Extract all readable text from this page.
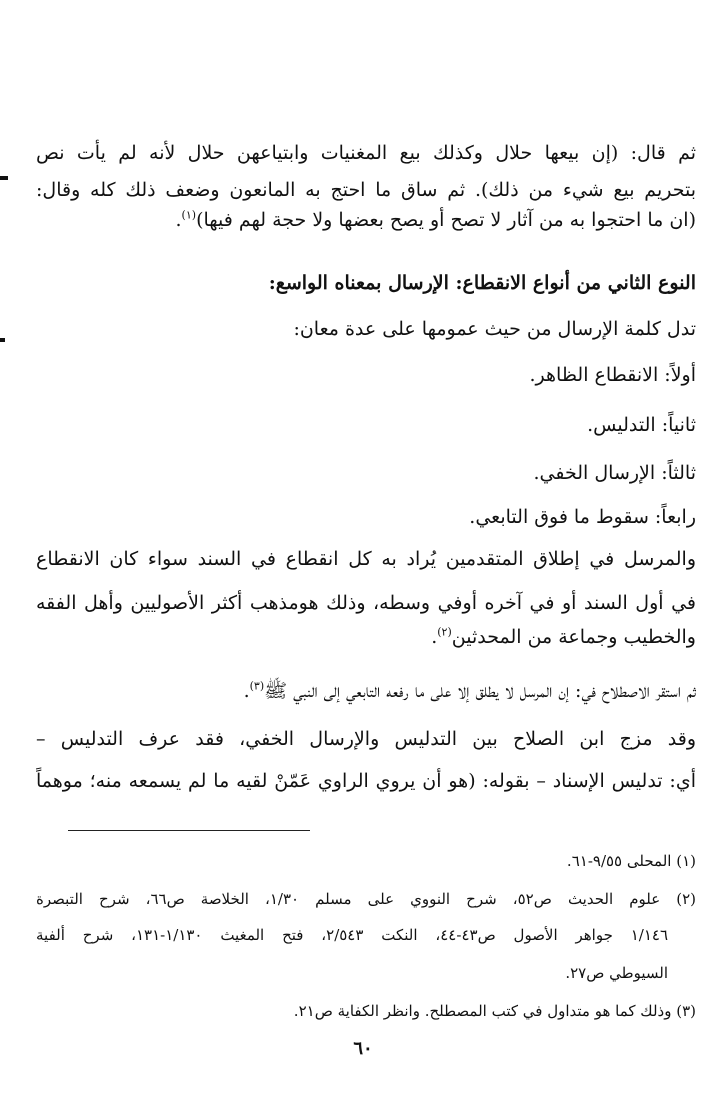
ثم قال: (إن بيعها حلال وكذلك بيع المغنيات وابتياعهن حلال لأنه لم يأت نص
بتحريم بيع شيء من ذلك). ثم ساق ما احتج به المانعون وضعف ذلك كله وقال:
(ان ما احتجوا به من آثار لا تصح أو يصح بعضها ولا حجة لهم فيها)$^{(١)}$.
النوع الثاني من أنواع الانقطاع: الإرسال بمعناه الواسع:
تدل كلمة الإرسال من حيث عمومها على عدة معان:
أولاً: الانقطاع الظاهر.
ثانياً: التدليس.
ثالثاً: الإرسال الخفي.
رابعاً: سقوط ما فوق التابعي.
والمرسل في إطلاق المتقدمين يُراد به كل انقطاع في السند سواء كان الانقطاع
في أول السند أو في آخره أوفي وسطه، وذلك هومذهب أكثر الأصوليين وأهل الفقه
والخطيب وجماعة من المحدثين$^{(٢)}$.
ثم استقر الاصطلاح في: إن المرسل لا يطلق إلا على ما رفعه التابعي إلى النبي ﷺ$^{(٣)}$.
وقد مزج ابن الصلاح بين التدليس والإرسال الخفي، فقد عرف التدليس –
أي: تدليس الإسناد – بقوله: (هو أن يروي الراوي عَمّنْ لقيه ما لم يسمعه منه؛ موهماً
(١) المحلى ٩/٥٥-٦١.
(٢) علوم الحديث ص٥٢، شرح النووي على مسلم ١/٣٠، الخلاصة ص٦٦، شرح التبصرة
١/١٤٦ جواهر الأصول ص٤٣-٤٤، النكت ٢/٥٤٣، فتح المغيث ١/١٣٠-١٣١، شرح ألفية
السيوطي ص٢٧.
(٣) وذلك كما هو متداول في كتب المصطلح. وانظر الكفاية ص٢١.
٦٠
